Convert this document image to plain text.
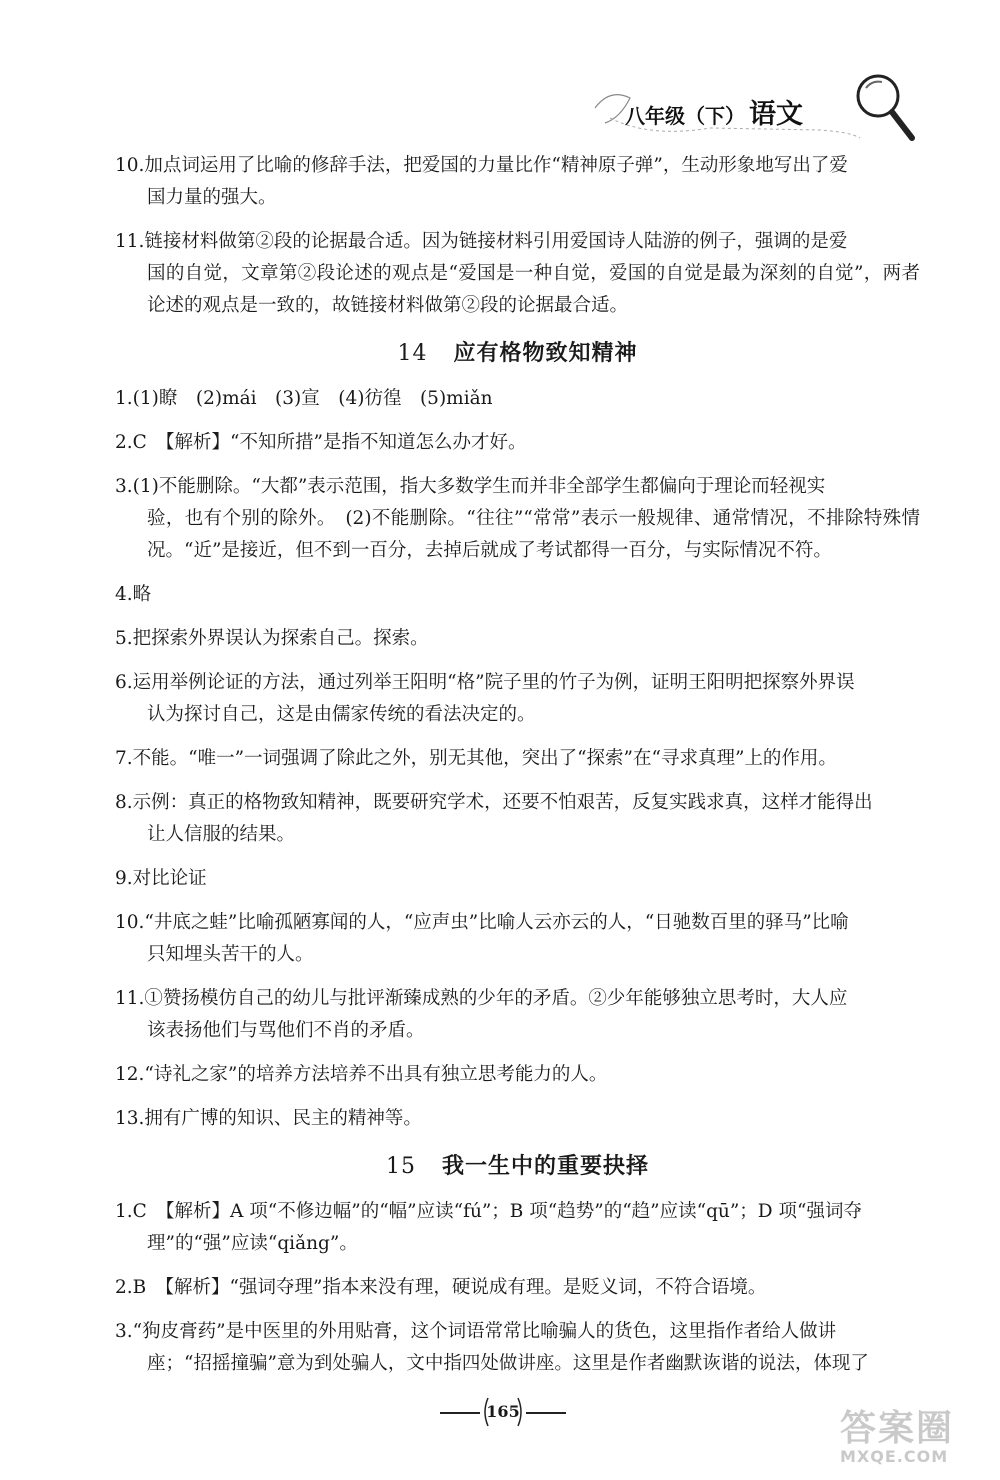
八年级（下） 语文

10.加点词运用了比喻的修辞手法，把爱国的力量比作“精神原子弹”，生动形象地写出了爱
国力量的强大。

11.链接材料做第②段的论据最合适。因为链接材料引用爱国诗人陆游的例子，强调的是爱
国的自觉，文章第②段论述的观点是“爱国是一种自觉，爱国的自觉是最为深刻的自觉”，两者论述的观点是一致的，故链接材料做第②段的论据最合适。

14 应有格物致知精神

1.(1)瞭　(2)mái　(3)宣　(4)彷徨　(5)miǎn

2.C　【解析】“不知所措”是指不知道怎么办才好。

3.(1)不能删除。“大都”表示范围，指大多数学生而并非全部学生都偏向于理论而轻视实
验，也有个别的除外。　(2)不能删除。“往往”“常常”表示一般规律、通常情况，不排除特殊情况。“近”是接近，但不到一百分，去掉后就成了考试都得一百分，与实际情况不符。

4.略

5.把探索外界误认为探索自己。探索。

6.运用举例论证的方法，通过列举王阳明“格”院子里的竹子为例，证明王阳明把探察外界误
认为探讨自己，这是由儒家传统的看法决定的。

7.不能。“唯一”一词强调了除此之外，别无其他，突出了“探索”在“寻求真理”上的作用。

8.示例：真正的格物致知精神，既要研究学术，还要不怕艰苦，反复实践求真，这样才能得出
让人信服的结果。

9.对比论证

10.“井底之蛙”比喻孤陋寡闻的人，“应声虫”比喻人云亦云的人，“日驰数百里的驿马”比喻
只知埋头苦干的人。

11.①赞扬模仿自己的幼儿与批评渐臻成熟的少年的矛盾。②少年能够独立思考时，大人应
该表扬他们与骂他们不肖的矛盾。

12.“诗礼之家”的培养方法培养不出具有独立思考能力的人。

13.拥有广博的知识、民主的精神等。

15 我一生中的重要抉择

1.C　【解析】A 项“不修边幅”的“幅”应读“fú”；B 项“趋势”的“趋”应读“qū”；D 项“强词夺
理”的“强”应读“qiǎng”。

2.B　【解析】“强词夺理”指本来没有理，硬说成有理。是贬义词，不符合语境。

3.“狗皮膏药”是中医里的外用贴膏，这个词语常常比喻骗人的货色，这里指作者给人做讲
座；“招摇撞骗”意为到处骗人，文中指四处做讲座。这里是作者幽默诙谐的说法，体现了

165	答案圈
MXQE.COM
